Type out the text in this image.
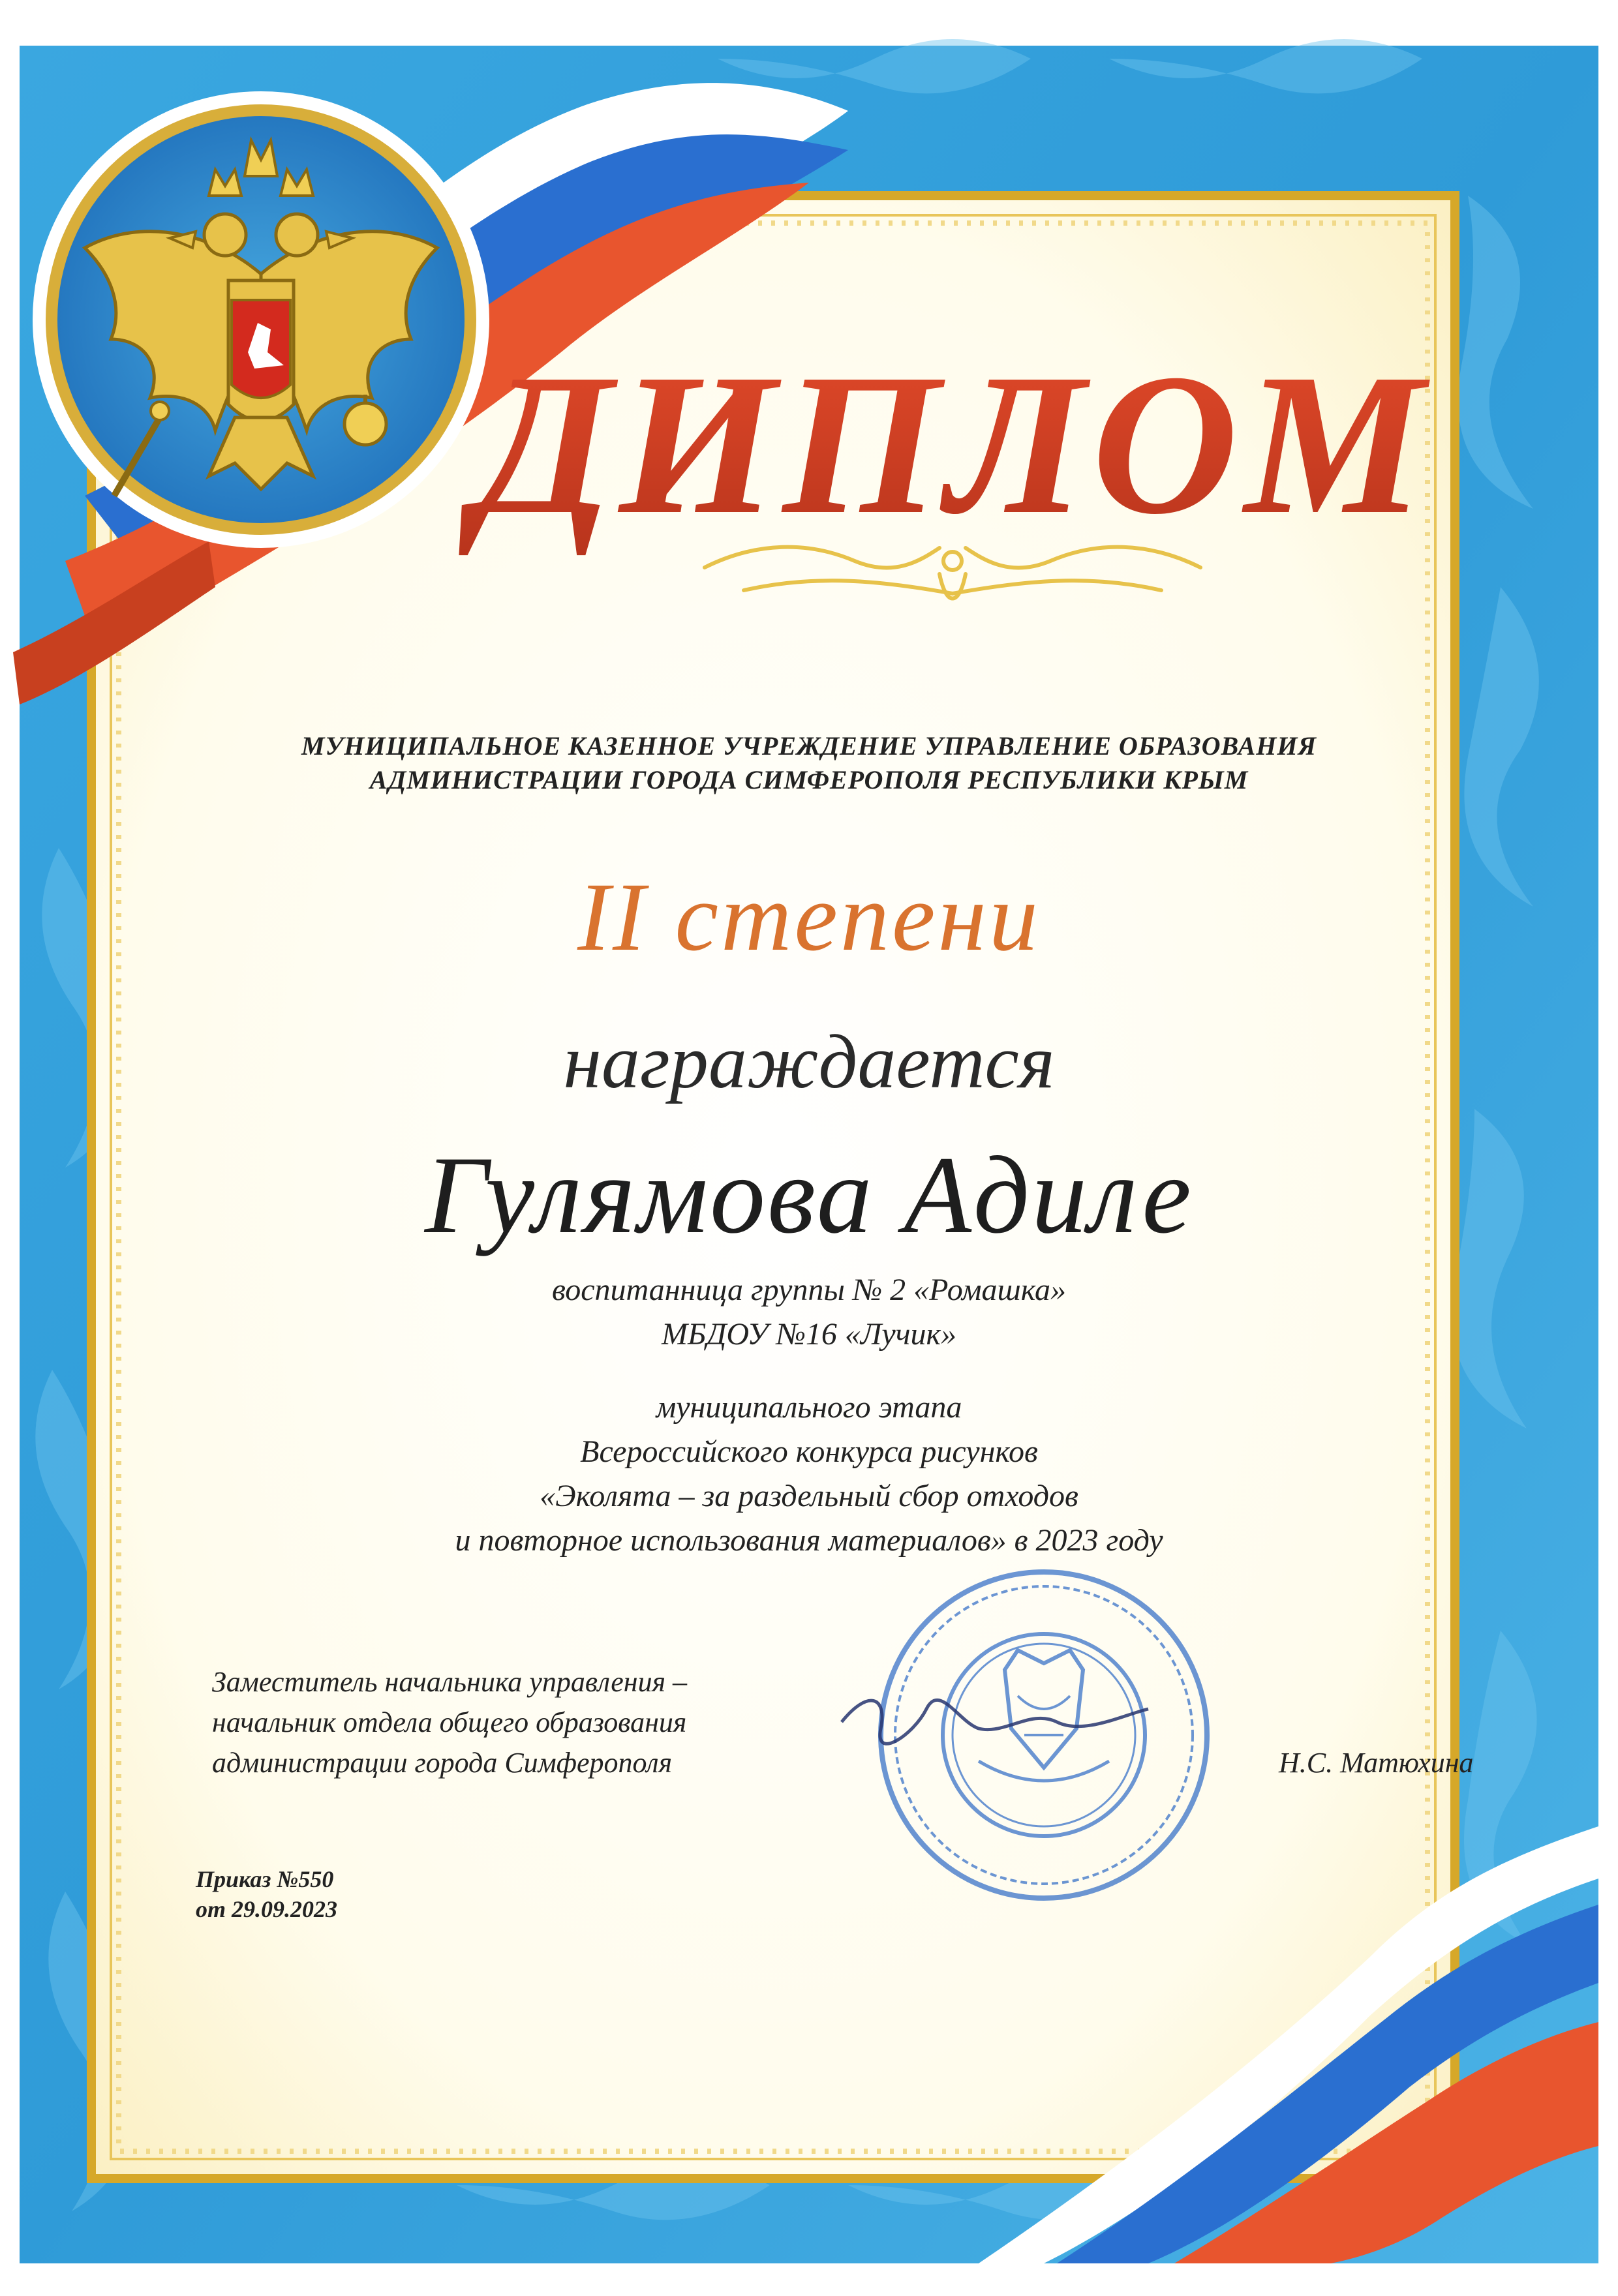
ДИПЛОМ

МУНИЦИПАЛЬНОЕ КАЗЕННОЕ УЧРЕЖДЕНИЕ УПРАВЛЕНИЕ ОБРАЗОВАНИЯ

АДМИНИСТРАЦИИ ГОРОДА СИМФЕРОПОЛЯ РЕСПУБЛИКИ КРЫМ

II степени

награждается

Гулямова Адиле

воспитанница группы № 2 «Ромашка»

МБДОУ №16 «Лучик»

муниципального этапа

Всероссийского конкурса рисунков

«Эколята – за раздельный сбор отходов

и повторное использования материалов» в 2023 году

Заместитель начальника управления –

начальник отдела общего образования

администрации города Симферополя	Н.С. Матюхина

Приказ №550

от 29.09.2023
